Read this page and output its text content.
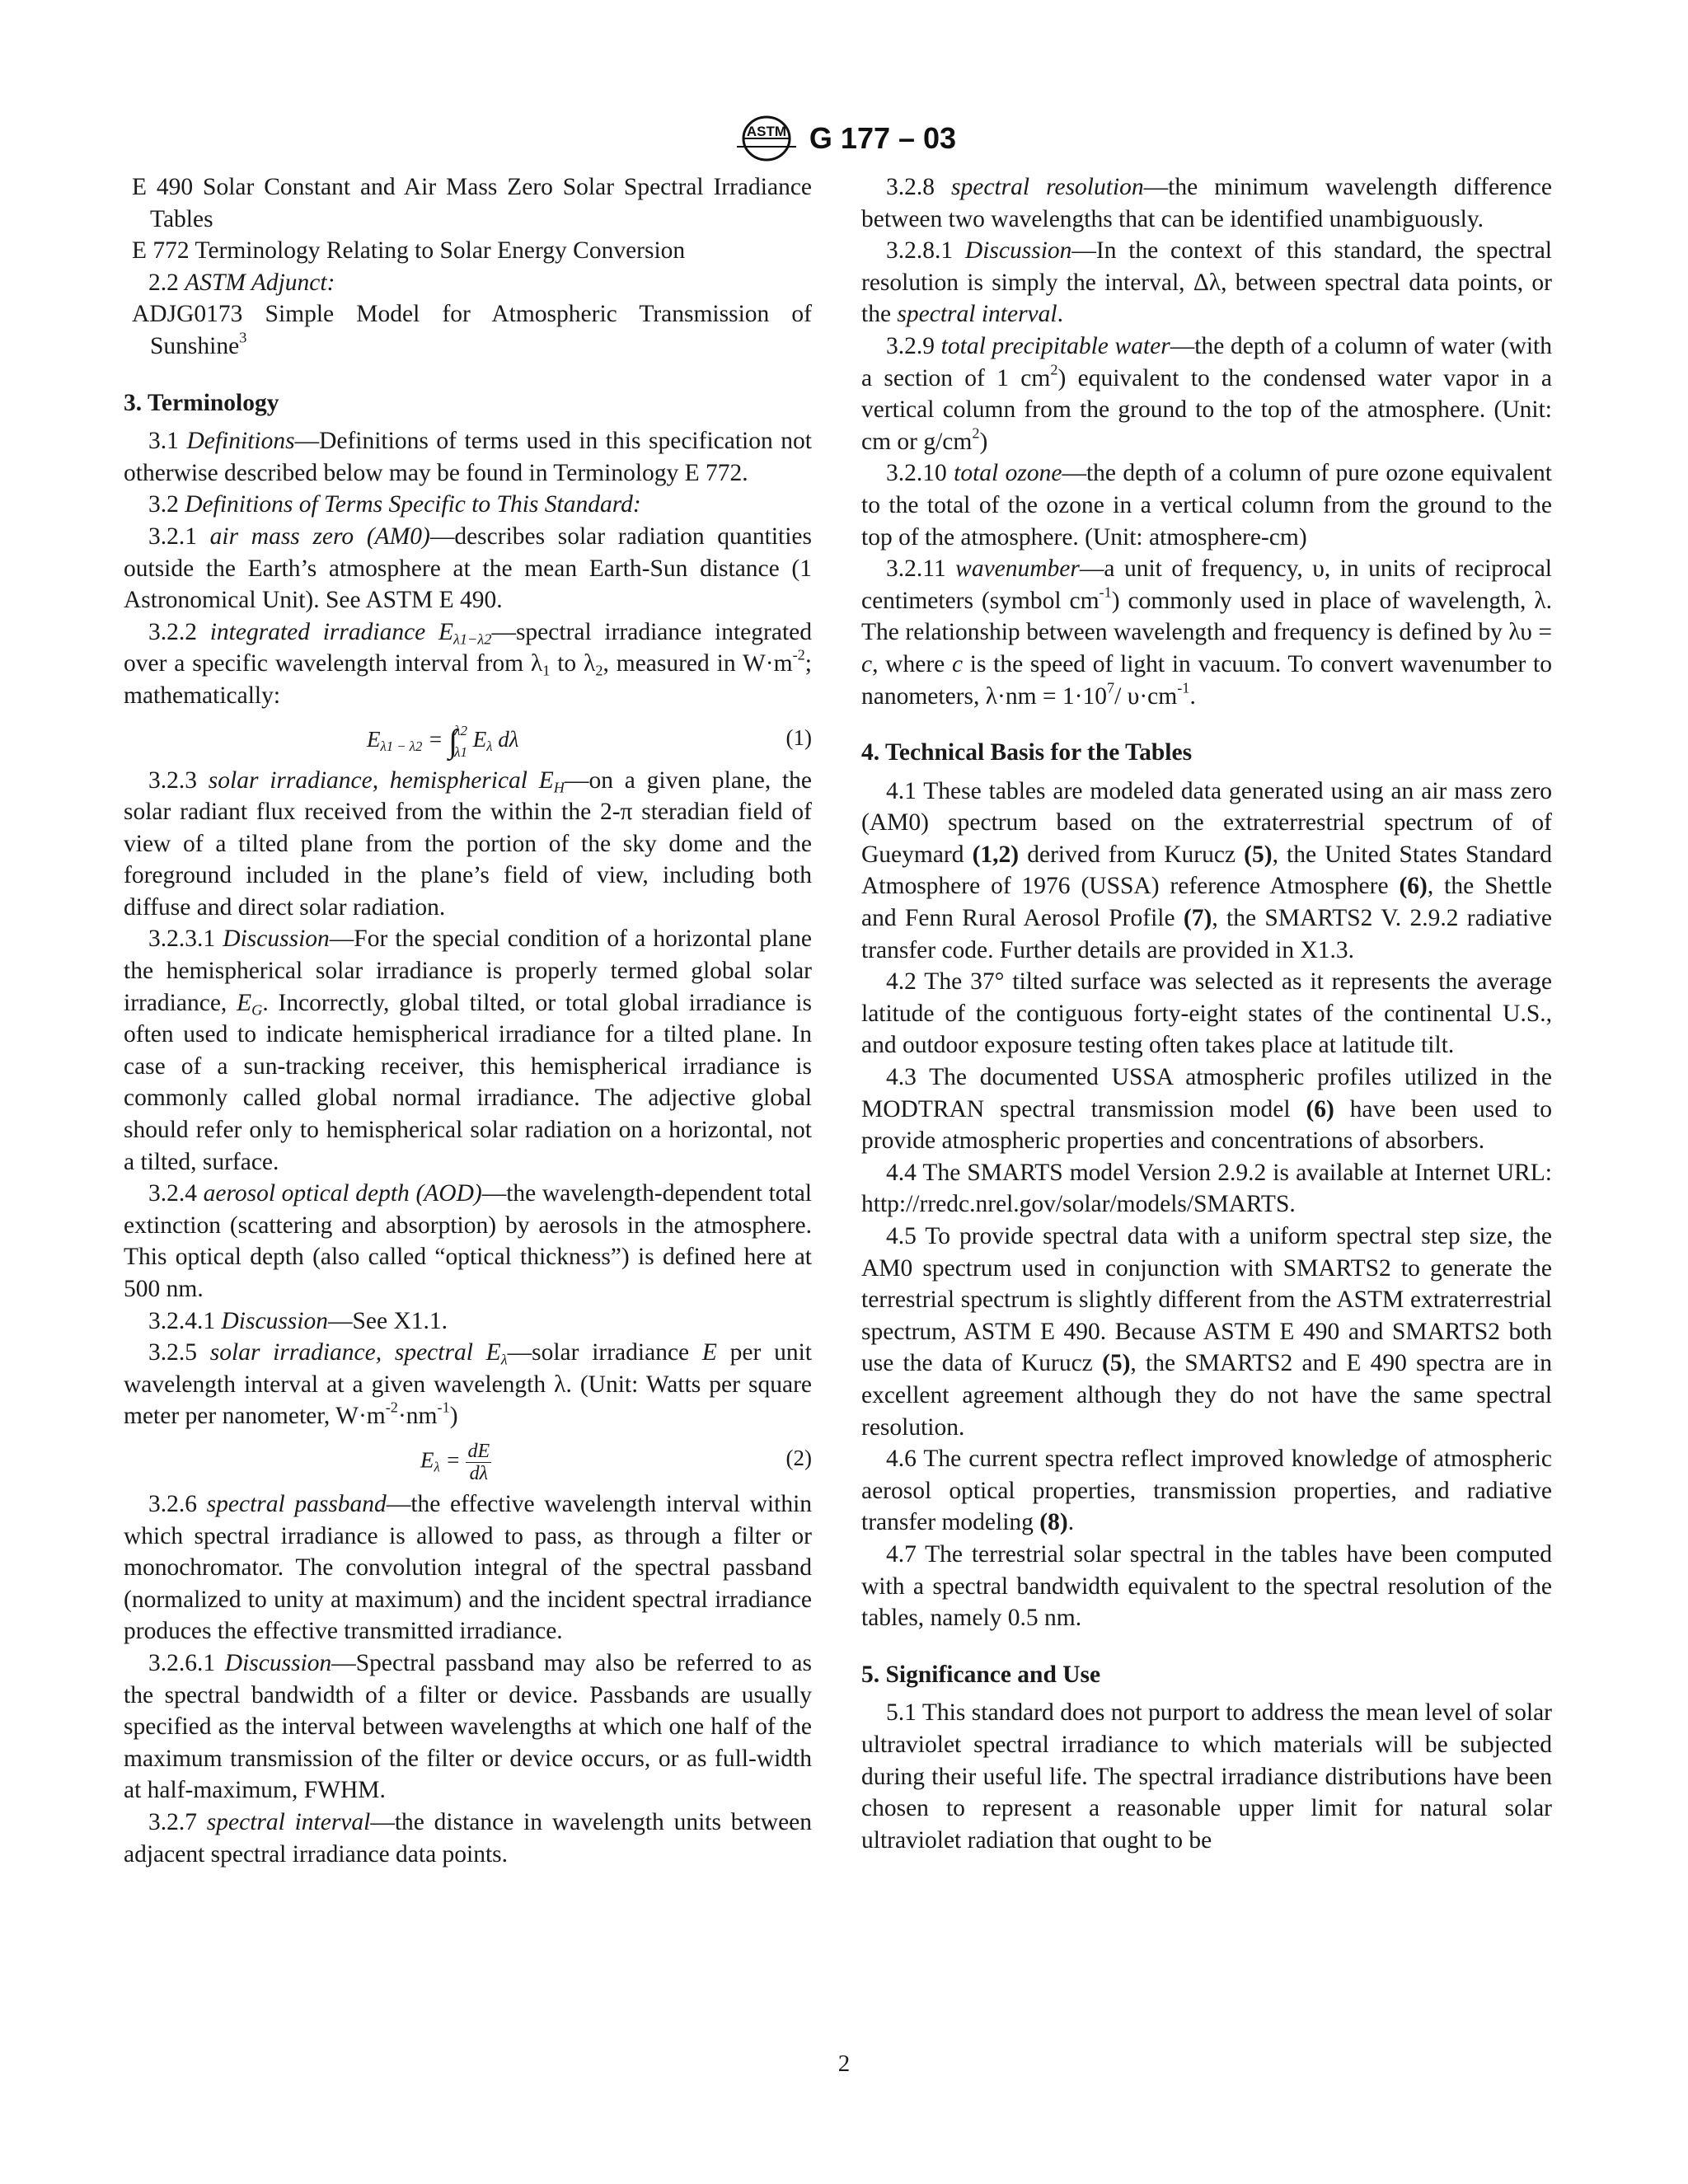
ASTM G 177 – 03

E 490 Solar Constant and Air Mass Zero Solar Spectral Irradiance Tables

E 772 Terminology Relating to Solar Energy Conversion

2.2 ASTM Adjunct:

ADJG0173 Simple Model for Atmospheric Transmission of Sunshine$^3$

3. Terminology

3.1 Definitions—Definitions of terms used in this specification not otherwise described below may be found in Terminology E 772.

3.2 Definitions of Terms Specific to This Standard:

3.2.1 air mass zero (AM0)—describes solar radiation quantities outside the Earth’s atmosphere at the mean Earth-Sun distance (1 Astronomical Unit). See ASTM E 490.

3.2.2 integrated irradiance $E_{\lambda 1-\lambda 2}—spectral$ irradiance integrated over a specific wavelength interval from $\lambda_1$ to $\lambda_2$, measured in $W\cdot m^{-2}$; mathematically:

$E_{\lambda 1 - \lambda 2}$ = ∫
λ2
λ1
$E_\lambda$ dλ	(1)

3.2.3 solar irradiance, hemispherical $E_H—on$ a given plane, the solar radiant flux received from the within the 2-π steradian field of view of a tilted plane from the portion of the sky dome and the foreground included in the plane’s field of view, including both diffuse and direct solar radiation.

3.2.3.1 Discussion—For the special condition of a horizontal plane the hemispherical solar irradiance is properly termed global solar irradiance, $E_G$. Incorrectly, global tilted, or total global irradiance is often used to indicate hemispherical irradiance for a tilted plane. In case of a sun-tracking receiver, this hemispherical irradiance is commonly called global normal irradiance. The adjective global should refer only to hemispherical solar radiation on a horizontal, not a tilted, surface.

3.2.4 aerosol optical depth (AOD)—the wavelength-dependent total extinction (scattering and absorption) by aerosols in the atmosphere. This optical depth (also called “optical thickness”) is defined here at 500 nm.

3.2.4.1 Discussion—See X1.1.

3.2.5 solar irradiance, spectral $E_\lambda—solar$ irradiance E per unit wavelength interval at a given wavelength λ. (Unit: Watts per square meter per nanometer, $W\cdot m^{-2}\cdot nm^{-1}$)

$E_\lambda = \frac{dE}{d\lambda}$	(2)

3.2.6 spectral passband—the effective wavelength interval within which spectral irradiance is allowed to pass, as through a filter or monochromator. The convolution integral of the spectral passband (normalized to unity at maximum) and the incident spectral irradiance produces the effective transmitted irradiance.

3.2.6.1 Discussion—Spectral passband may also be referred to as the spectral bandwidth of a filter or device. Passbands are usually specified as the interval between wavelengths at which one half of the maximum transmission of the filter or device occurs, or as full-width at half-maximum, FWHM.

3.2.7 spectral interval—the distance in wavelength units between adjacent spectral irradiance data points.

3.2.8 spectral resolution—the minimum wavelength difference between two wavelengths that can be identified unambiguously.

3.2.8.1 Discussion—In the context of this standard, the spectral resolution is simply the interval, Δλ, between spectral data points, or the spectral interval.

3.2.9 total precipitable water—the depth of a column of water (with a section of 1 $cm^2$) equivalent to the condensed water vapor in a vertical column from the ground to the top of the atmosphere. (Unit: cm or $g/cm^2$)

3.2.10 total ozone—the depth of a column of pure ozone equivalent to the total of the ozone in a vertical column from the ground to the top of the atmosphere. (Unit: atmosphere-cm)

3.2.11 wavenumber—a unit of frequency, υ, in units of reciprocal centimeters (symbol $cm^{-1}$) commonly used in place of wavelength, λ. The relationship between wavelength and frequency is defined by λυ = c, where c is the speed of light in vacuum. To convert wavenumber to nanometers, $\lambda\cdot nm = 1\cdot 10^7/$ $\upsilon\cdot cm^{-1}$.

4. Technical Basis for the Tables

4.1 These tables are modeled data generated using an air mass zero (AM0) spectrum based on the extraterrestrial spectrum of of Gueymard (1,2) derived from Kurucz (5), the United States Standard Atmosphere of 1976 (USSA) reference Atmosphere (6), the Shettle and Fenn Rural Aerosol Profile (7), the SMARTS2 V. 2.9.2 radiative transfer code. Further details are provided in X1.3.

4.2 The 37° tilted surface was selected as it represents the average latitude of the contiguous forty-eight states of the continental U.S., and outdoor exposure testing often takes place at latitude tilt.

4.3 The documented USSA atmospheric profiles utilized in the MODTRAN spectral transmission model (6) have been used to provide atmospheric properties and concentrations of absorbers.

4.4 The SMARTS model Version 2.9.2 is available at Internet URL: http://rredc.nrel.gov/solar/models/SMARTS.

4.5 To provide spectral data with a uniform spectral step size, the AM0 spectrum used in conjunction with SMARTS2 to generate the terrestrial spectrum is slightly different from the ASTM extraterrestrial spectrum, ASTM E 490. Because ASTM E 490 and SMARTS2 both use the data of Kurucz (5), the SMARTS2 and E 490 spectra are in excellent agreement although they do not have the same spectral resolution.

4.6 The current spectra reflect improved knowledge of atmospheric aerosol optical properties, transmission properties, and radiative transfer modeling (8).

4.7 The terrestrial solar spectral in the tables have been computed with a spectral bandwidth equivalent to the spectral resolution of the tables, namely 0.5 nm.

5. Significance and Use

5.1 This standard does not purport to address the mean level of solar ultraviolet spectral irradiance to which materials will be subjected during their useful life. The spectral irradiance distributions have been chosen to represent a reasonable upper limit for natural solar ultraviolet radiation that ought to be

2
